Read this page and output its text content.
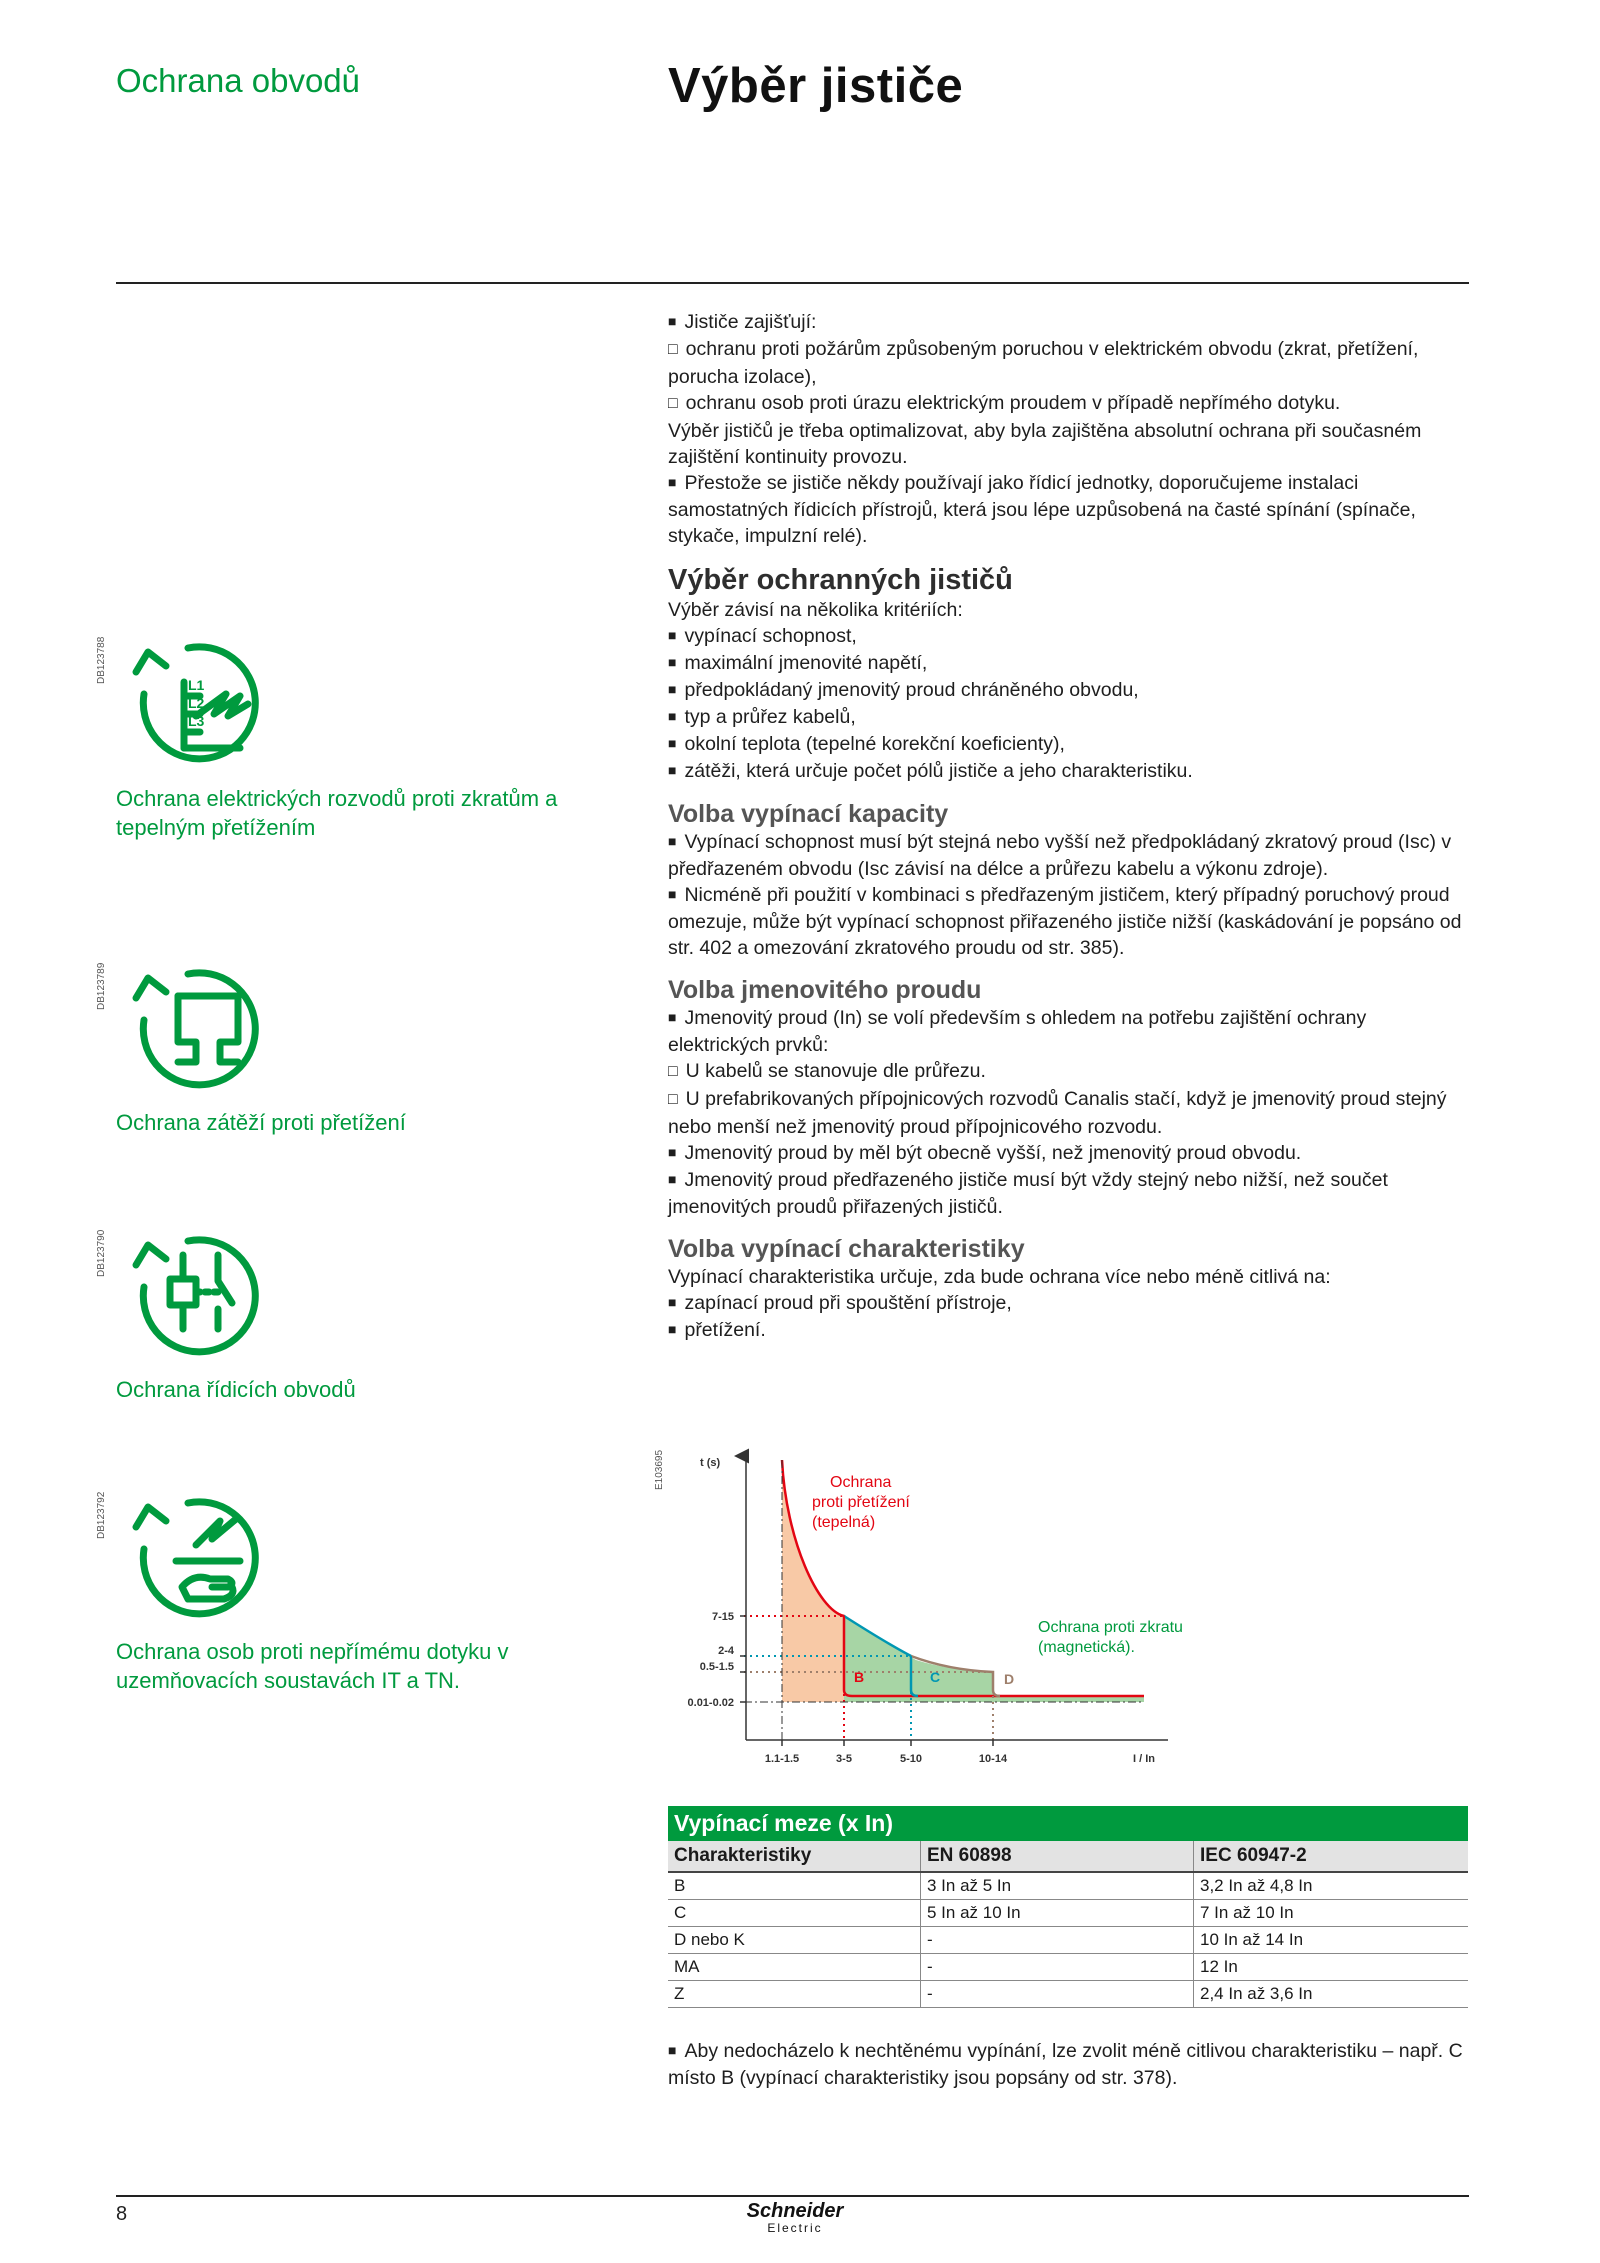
Ochrana obvodů	Výběr jističe

■ Jističe zajišťují:

□ ochranu proti požárům způsobeným poruchou v elektrickém obvodu (zkrat, přetížení, porucha izolace),

□ ochranu osob proti úrazu elektrickým proudem v případě nepřímého dotyku.

Výběr jističů je třeba optimalizovat, aby byla zajištěna absolutní ochrana při současném zajištění kontinuity provozu.

■ Přestože se jističe někdy používají jako řídicí jednotky, doporučujeme instalaci samostatných řídicích přístrojů, která jsou lépe uzpůsobená na časté spínání (spínače, stykače, impulzní relé).

Výběr ochranných jističů

Výběr závisí na několika kritériích:

■ vypínací schopnost,

■ maximální jmenovité napětí,

■ předpokládaný jmenovitý proud chráněného obvodu,

■ typ a průřez kabelů,

■ okolní teplota (tepelné korekční koeficienty),

■ zátěži, která určuje počet pólů jističe a jeho charakteristiku.

Volba vypínací kapacity

■ Vypínací schopnost musí být stejná nebo vyšší než předpokládaný zkratový proud (Isc) v předřazeném obvodu (Isc závisí na délce a průřezu kabelu a výkonu zdroje).

■ Nicméně při použití v kombinaci s předřazeným jističem, který případný poruchový proud omezuje, může být vypínací schopnost přiřazeného jističe nižší (kaskádování je popsáno od str. 402 a omezování zkratového proudu od str. 385).

Volba jmenovitého proudu

■ Jmenovitý proud (In) se volí především s ohledem na potřebu zajištění ochrany elektrických prvků:

□ U kabelů se stanovuje dle průřezu.

□ U prefabrikovaných přípojnicových rozvodů Canalis stačí, když je jmenovitý proud stejný nebo menší než jmenovitý proud přípojnicového rozvodu.

■ Jmenovitý proud by měl být obecně vyšší, než jmenovitý proud obvodu.

■ Jmenovitý proud předřazeného jističe musí být vždy stejný nebo nižší, než součet jmenovitých proudů přiřazených jističů.

Volba vypínací charakteristiky

Vypínací charakteristika určuje, zda bude ochrana více nebo méně citlivá na:

■ zapínací proud při spouštění přístroje,

■ přetížení.

DB123788
L1
L2
L3
Ochrana elektrických rozvodů proti zkratům a tepelným přetížením
DB123789
Ochrana zátěží proti přetížení
DB123790
Ochrana řídicích obvodů
DB123792
Ochrana osob proti nepřímému dotyku v uzemňovacích soustavách IT a TN.
E103695	t (s)
7-15
2-4
0.5-1.5
0.01-0.02
1.1-1.5	3-5	5-10	10-14	I / In
B	C	D
Ochrana
proti přetížení
(tepelná)
Ochrana proti zkratu
(magnetická).
Vypínací meze (x In)		
Charakteristiky	EN 60898	IEC 60947-2
B	3 In až 5 In	3,2 In až 4,8 In
C	5 In až 10 In	7 In až 10 In
D nebo K	-	10 In až 14 In
MA	-	12 In
Z	-	2,4 In až 3,6 In

■ Aby nedocházelo k nechtěnému vypínání, lze zvolit méně citlivou charakteristiku – např. C místo B (vypínací charakteristiky jsou popsány od str. 378).

8	Schneider
Electric
